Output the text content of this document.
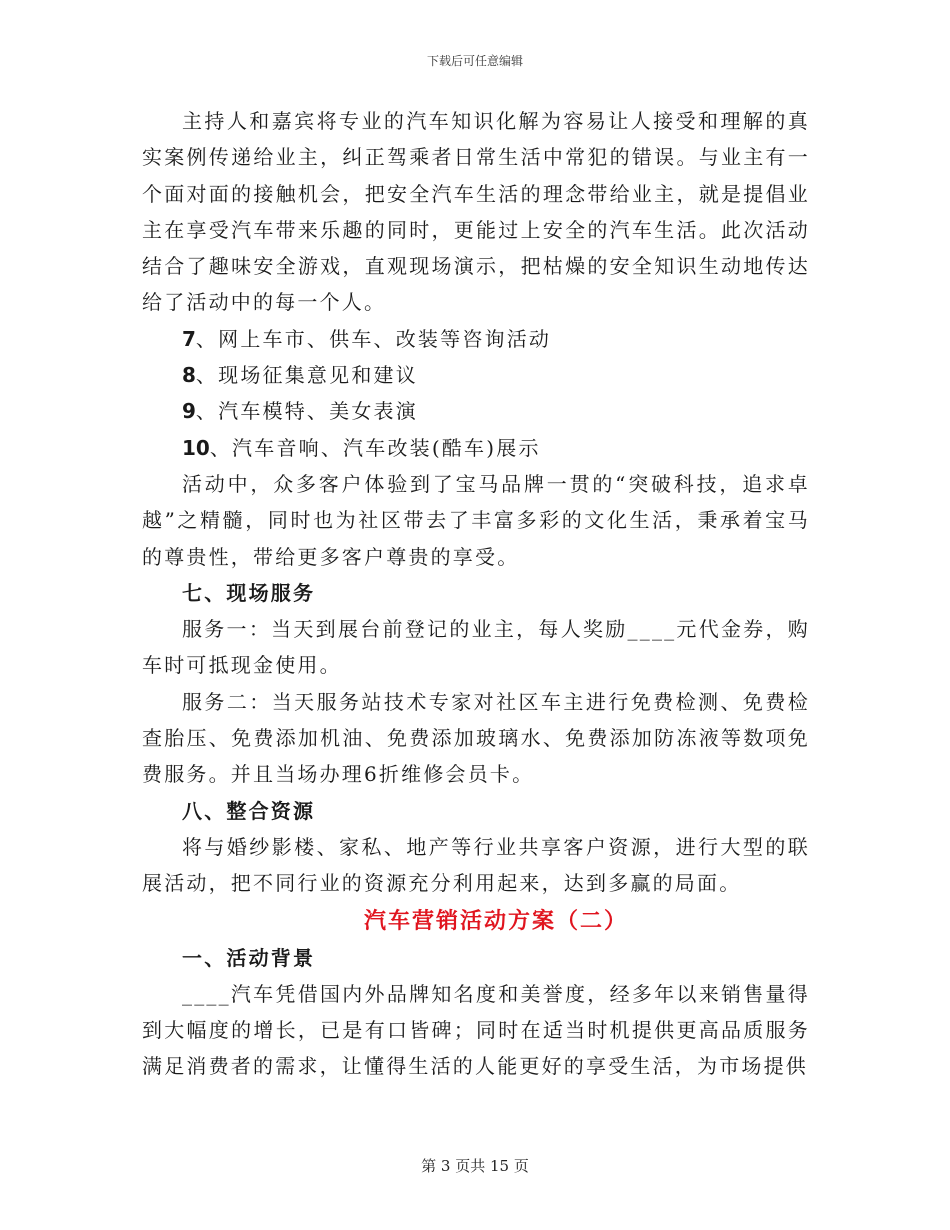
下载后可任意编辑

主持人和嘉宾将专业的汽车知识化解为容易让人接受和理解的真实案例传递给业主，纠正驾乘者日常生活中常犯的错误。与业主有一个面对面的接触机会，把安全汽车生活的理念带给业主，就是提倡业主在享受汽车带来乐趣的同时，更能过上安全的汽车生活。此次活动结合了趣味安全游戏，直观现场演示，把枯燥的安全知识生动地传达给了活动中的每一个人。

7、网上车市、供车、改装等咨询活动

8、现场征集意见和建议

9、汽车模特、美女表演

10、汽车音响、汽车改装(酷车)展示

活动中，众多客户体验到了宝马品牌一贯的“突破科技，追求卓越”之精髓，同时也为社区带去了丰富多彩的文化生活，秉承着宝马的尊贵性，带给更多客户尊贵的享受。

七、现场服务

服务一：当天到展台前登记的业主，每人奖励____元代金券，购车时可抵现金使用。

服务二：当天服务站技术专家对社区车主进行免费检测、免费检查胎压、免费添加机油、免费添加玻璃水、免费添加防冻液等数项免费服务。并且当场办理6折维修会员卡。

八、整合资源

将与婚纱影楼、家私、地产等行业共享客户资源，进行大型的联展活动，把不同行业的资源充分利用起来，达到多赢的局面。

汽车营销活动方案（二）

一、活动背景

____汽车凭借国内外品牌知名度和美誉度，经多年以来销售量得到大幅度的增长，已是有口皆碑；同时在适当时机提供更高品质服务满足消费者的需求，让懂得生活的人能更好的享受生活，为市场提供

第 3 页共 15 页
